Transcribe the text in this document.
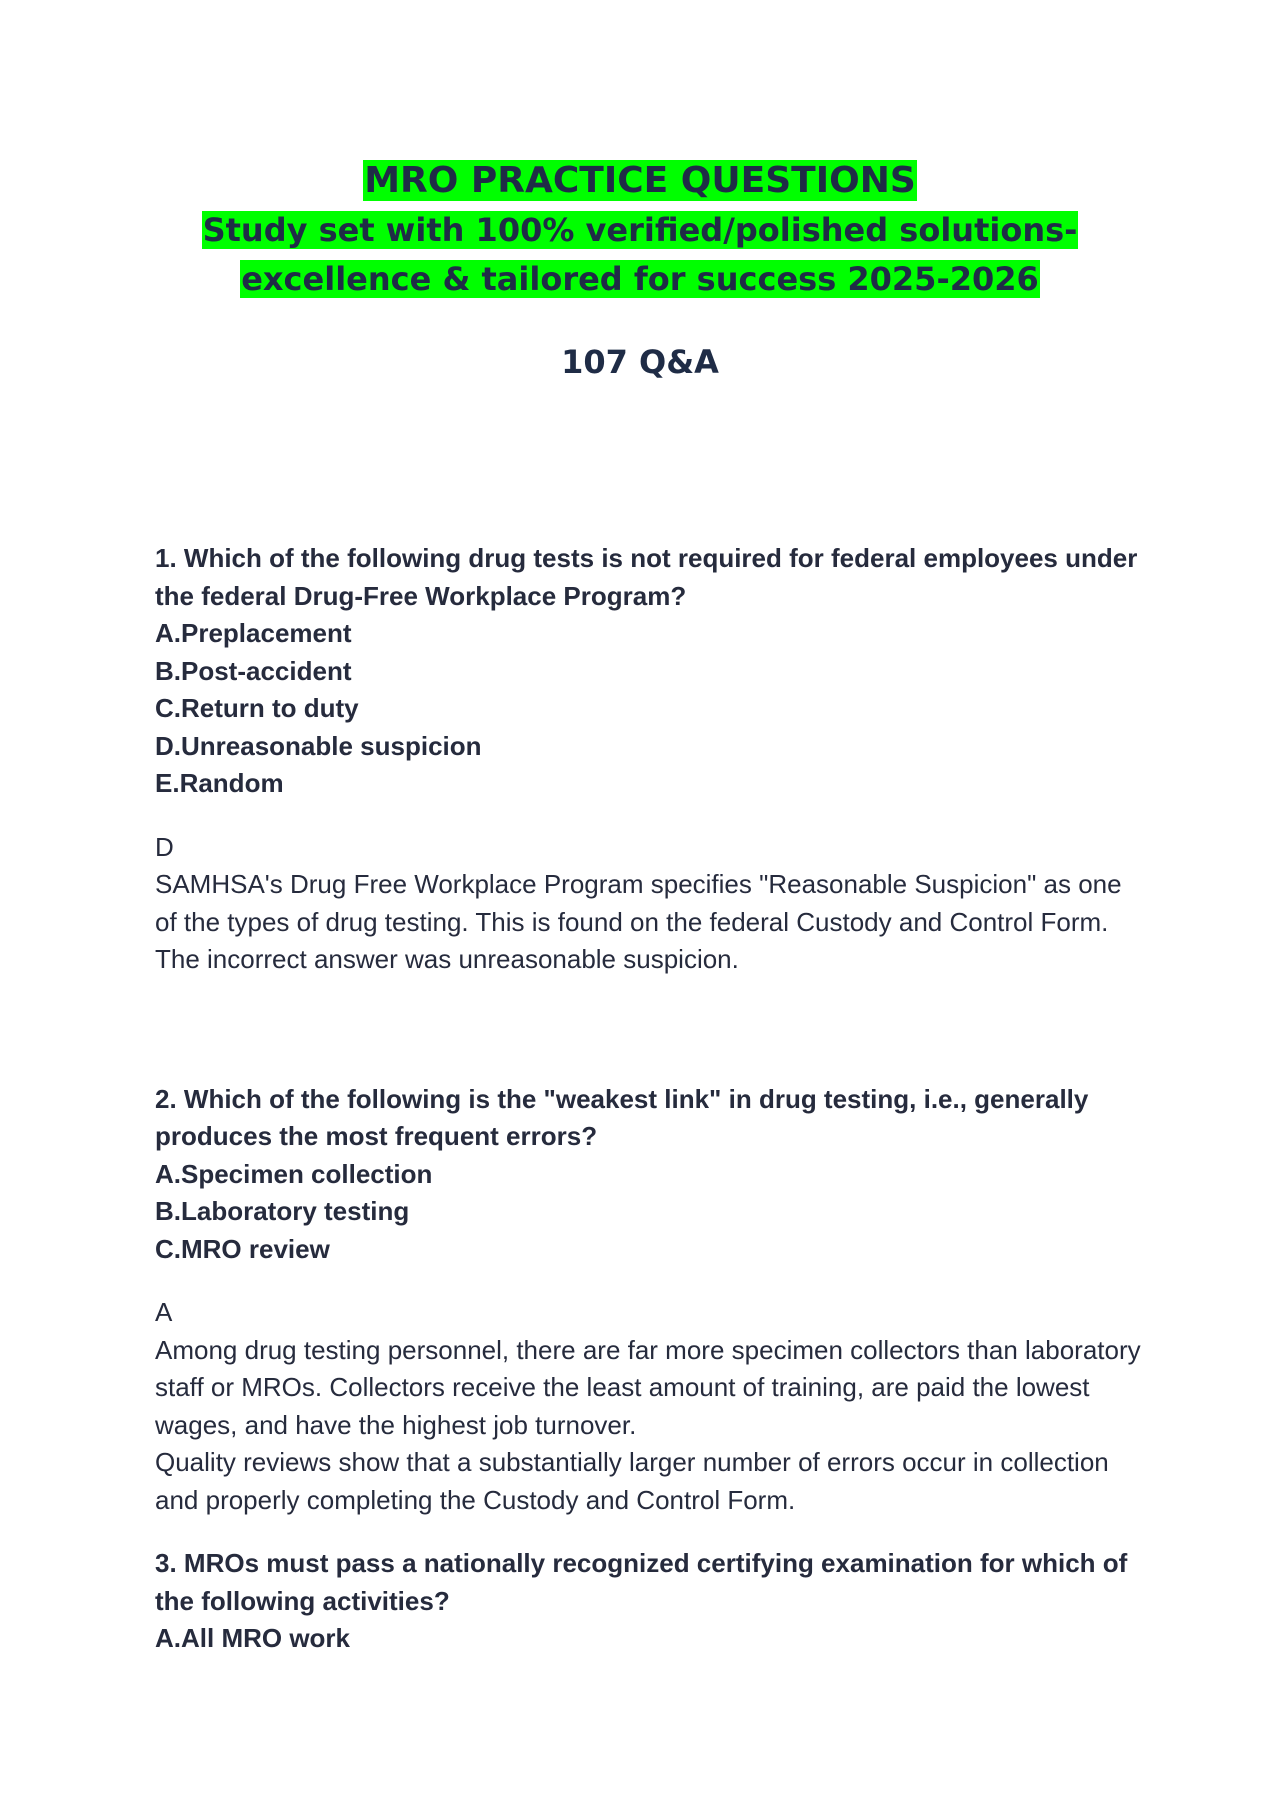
MRO PRACTICE QUESTIONS
Study set with 100% verified/polished solutions-
excellence & tailored for success 2025-2026
107 Q&A
1. Which of the following drug tests is not required for federal employees under the federal Drug-Free Workplace Program?
A.Preplacement
B.Post-accident
C.Return to duty
D.Unreasonable suspicion
E.Random
D
SAMHSA's Drug Free Workplace Program specifies "Reasonable Suspicion" as one of the types of drug testing. This is found on the federal Custody and Control Form. The incorrect answer was unreasonable suspicion.
2. Which of the following is the "weakest link" in drug testing, i.e., generally produces the most frequent errors?
A.Specimen collection
B.Laboratory testing
C.MRO review
A
Among drug testing personnel, there are far more specimen collectors than laboratory staff or MROs. Collectors receive the least amount of training, are paid the lowest wages, and have the highest job turnover.
Quality reviews show that a substantially larger number of errors occur in collection and properly completing the Custody and Control Form.
3. MROs must pass a nationally recognized certifying examination for which of the following activities?
A.All MRO work
